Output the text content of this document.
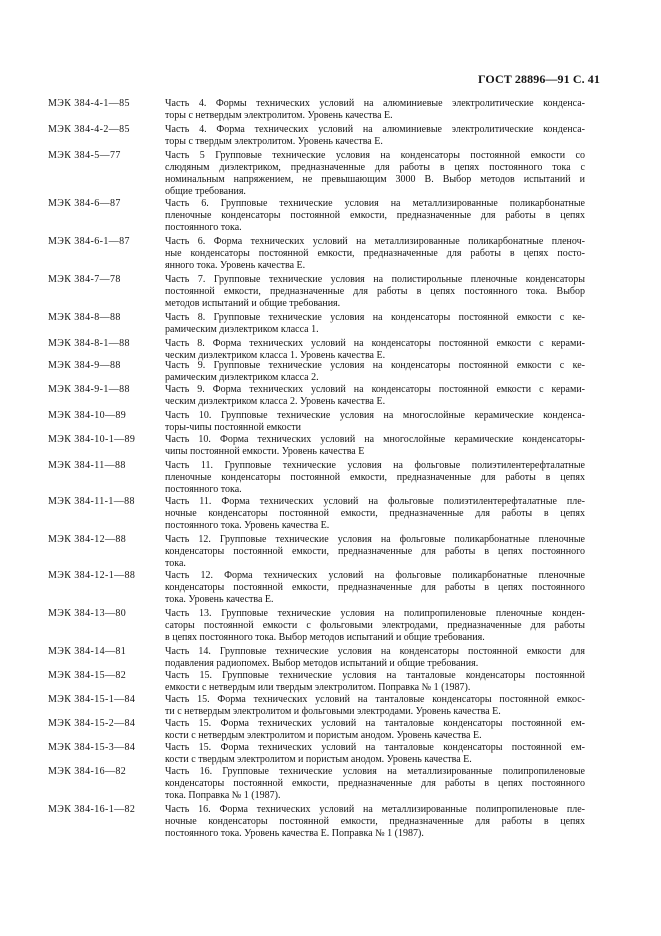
ГОСТ 28896—91 С. 41
МЭК 384-4-1—85	Часть 4. Формы технических условий на алюминиевые электролитические конденса-
торы с нетвердым электролитом. Уровень качества Е.
МЭК 384-4-2—85	Часть 4. Форма технических условий на алюминиевые электролитические конденса-
торы с твердым электролитом. Уровень качества Е.
МЭК 384-5—77	Часть 5 Групповые технические условия на конденсаторы постоянной емкости со
слюдяным диэлектриком, предназначенные для работы в цепях постоянного тока с
номинальным напряжением, не превышающим 3000 В. Выбор методов испытаний и
общие требования.
МЭК 384-6—87	Часть 6. Групповые технические условия на металлизированные поликарбонатные
пленочные конденсаторы постоянной емкости, предназначенные для работы в цепях
постоянного тока.
МЭК 384-6-1—87	Часть 6. Форма технических условий на металлизированные поликарбонатные пленоч-
ные конденсаторы постоянной емкости, предназначенные для работы в цепях посто-
янного тока. Уровень качества Е.
МЭК 384-7—78	Часть 7. Групповые технические условия на полистирольные пленочные конденсаторы
постоянной емкости, предназначенные для работы в цепях постоянного тока. Выбор
методов испытаний и общие требования.
МЭК 384-8—88	Часть 8. Групповые технические условия на конденсаторы постоянной емкости с ке-
рамическим диэлектриком класса 1.
МЭК 384-8-1—88	Часть 8. Форма технических условий на конденсаторы постоянной емкости с керами-
ческим диэлектриком класса 1. Уровень качества Е.
МЭК 384-9—88	Часть 9. Групповые технические условия на конденсаторы постоянной емкости с ке-
рамическим диэлектриком класса 2.
МЭК 384-9-1—88	Часть 9. Форма технических условий на конденсаторы постоянной емкости с керами-
ческим диэлектриком класса 2. Уровень качества Е.
МЭК 384-10—89	Часть 10. Групповые технические условия на многослойные керамические конденса-
торы-чипы постоянной емкости
МЭК 384-10-1—89	Часть 10. Форма технических условий на многослойные керамические конденсаторы-
чипы постоянной емкости. Уровень качества Е
МЭК 384-11—88	Часть 11. Групповые технические условия на фольговые полиэтилентерефталатные
пленочные конденсаторы постоянной емкости, предназначенные для работы в цепях
постоянного тока.
МЭК 384-11-1—88	Часть 11. Форма технических условий на фольговые полиэтилентерефталатные пле-
ночные конденсаторы постоянной емкости, предназначенные для работы в цепях
постоянного тока. Уровень качества Е.
МЭК 384-12—88	Часть 12. Групповые технические условия на фольговые поликарбонатные пленочные
конденсаторы постоянной емкости, предназначенные для работы в цепях постоянного
тока.
МЭК 384-12-1—88	Часть 12. Форма технических условий на фольговые поликарбонатные пленочные
конденсаторы постоянной емкости, предназначенные для работы в цепях постоянного
тока. Уровень качества Е.
МЭК 384-13—80	Часть 13. Групповые технические условия на полипропиленовые пленочные конден-
саторы постоянной емкости с фольговыми электродами, предназначенные для работы
в цепях постоянного тока. Выбор методов испытаний и общие требования.
МЭК 384-14—81	Часть 14. Групповые технические условия на конденсаторы постоянной емкости для
подавления радиопомех. Выбор методов испытаний и общие требования.
МЭК 384-15—82	Часть 15. Групповые технические условия на танталовые конденсаторы постоянной
емкости с нетвердым или твердым электролитом. Поправка № 1 (1987).
МЭК 384-15-1—84	Часть 15. Форма технических условий на танталовые конденсаторы постоянной емкос-
ти с нетвердым электролитом и фольговыми электродами. Уровень качества Е.
МЭК 384-15-2—84	Часть 15. Форма технических условий на танталовые конденсаторы постоянной ем-
кости с нетвердым электролитом и пористым анодом. Уровень качества Е.
МЭК 384-15-3—84	Часть 15. Форма технических условий на танталовые конденсаторы постоянной ем-
кости с твердым электролитом и пористым анодом. Уровень качества Е.
МЭК 384-16—82	Часть 16. Групповые технические условия на металлизированные полипропиленовые
конденсаторы постоянной емкости, предназначенные для работы в цепях постоянного
тока. Поправка № 1 (1987).
МЭК 384-16-1—82	Часть 16. Форма технических условий на металлизированные полипропиленовые пле-
ночные конденсаторы постоянной емкости, предназначенные для работы в цепях
постоянного тока. Уровень качества Е. Поправка № 1 (1987).
